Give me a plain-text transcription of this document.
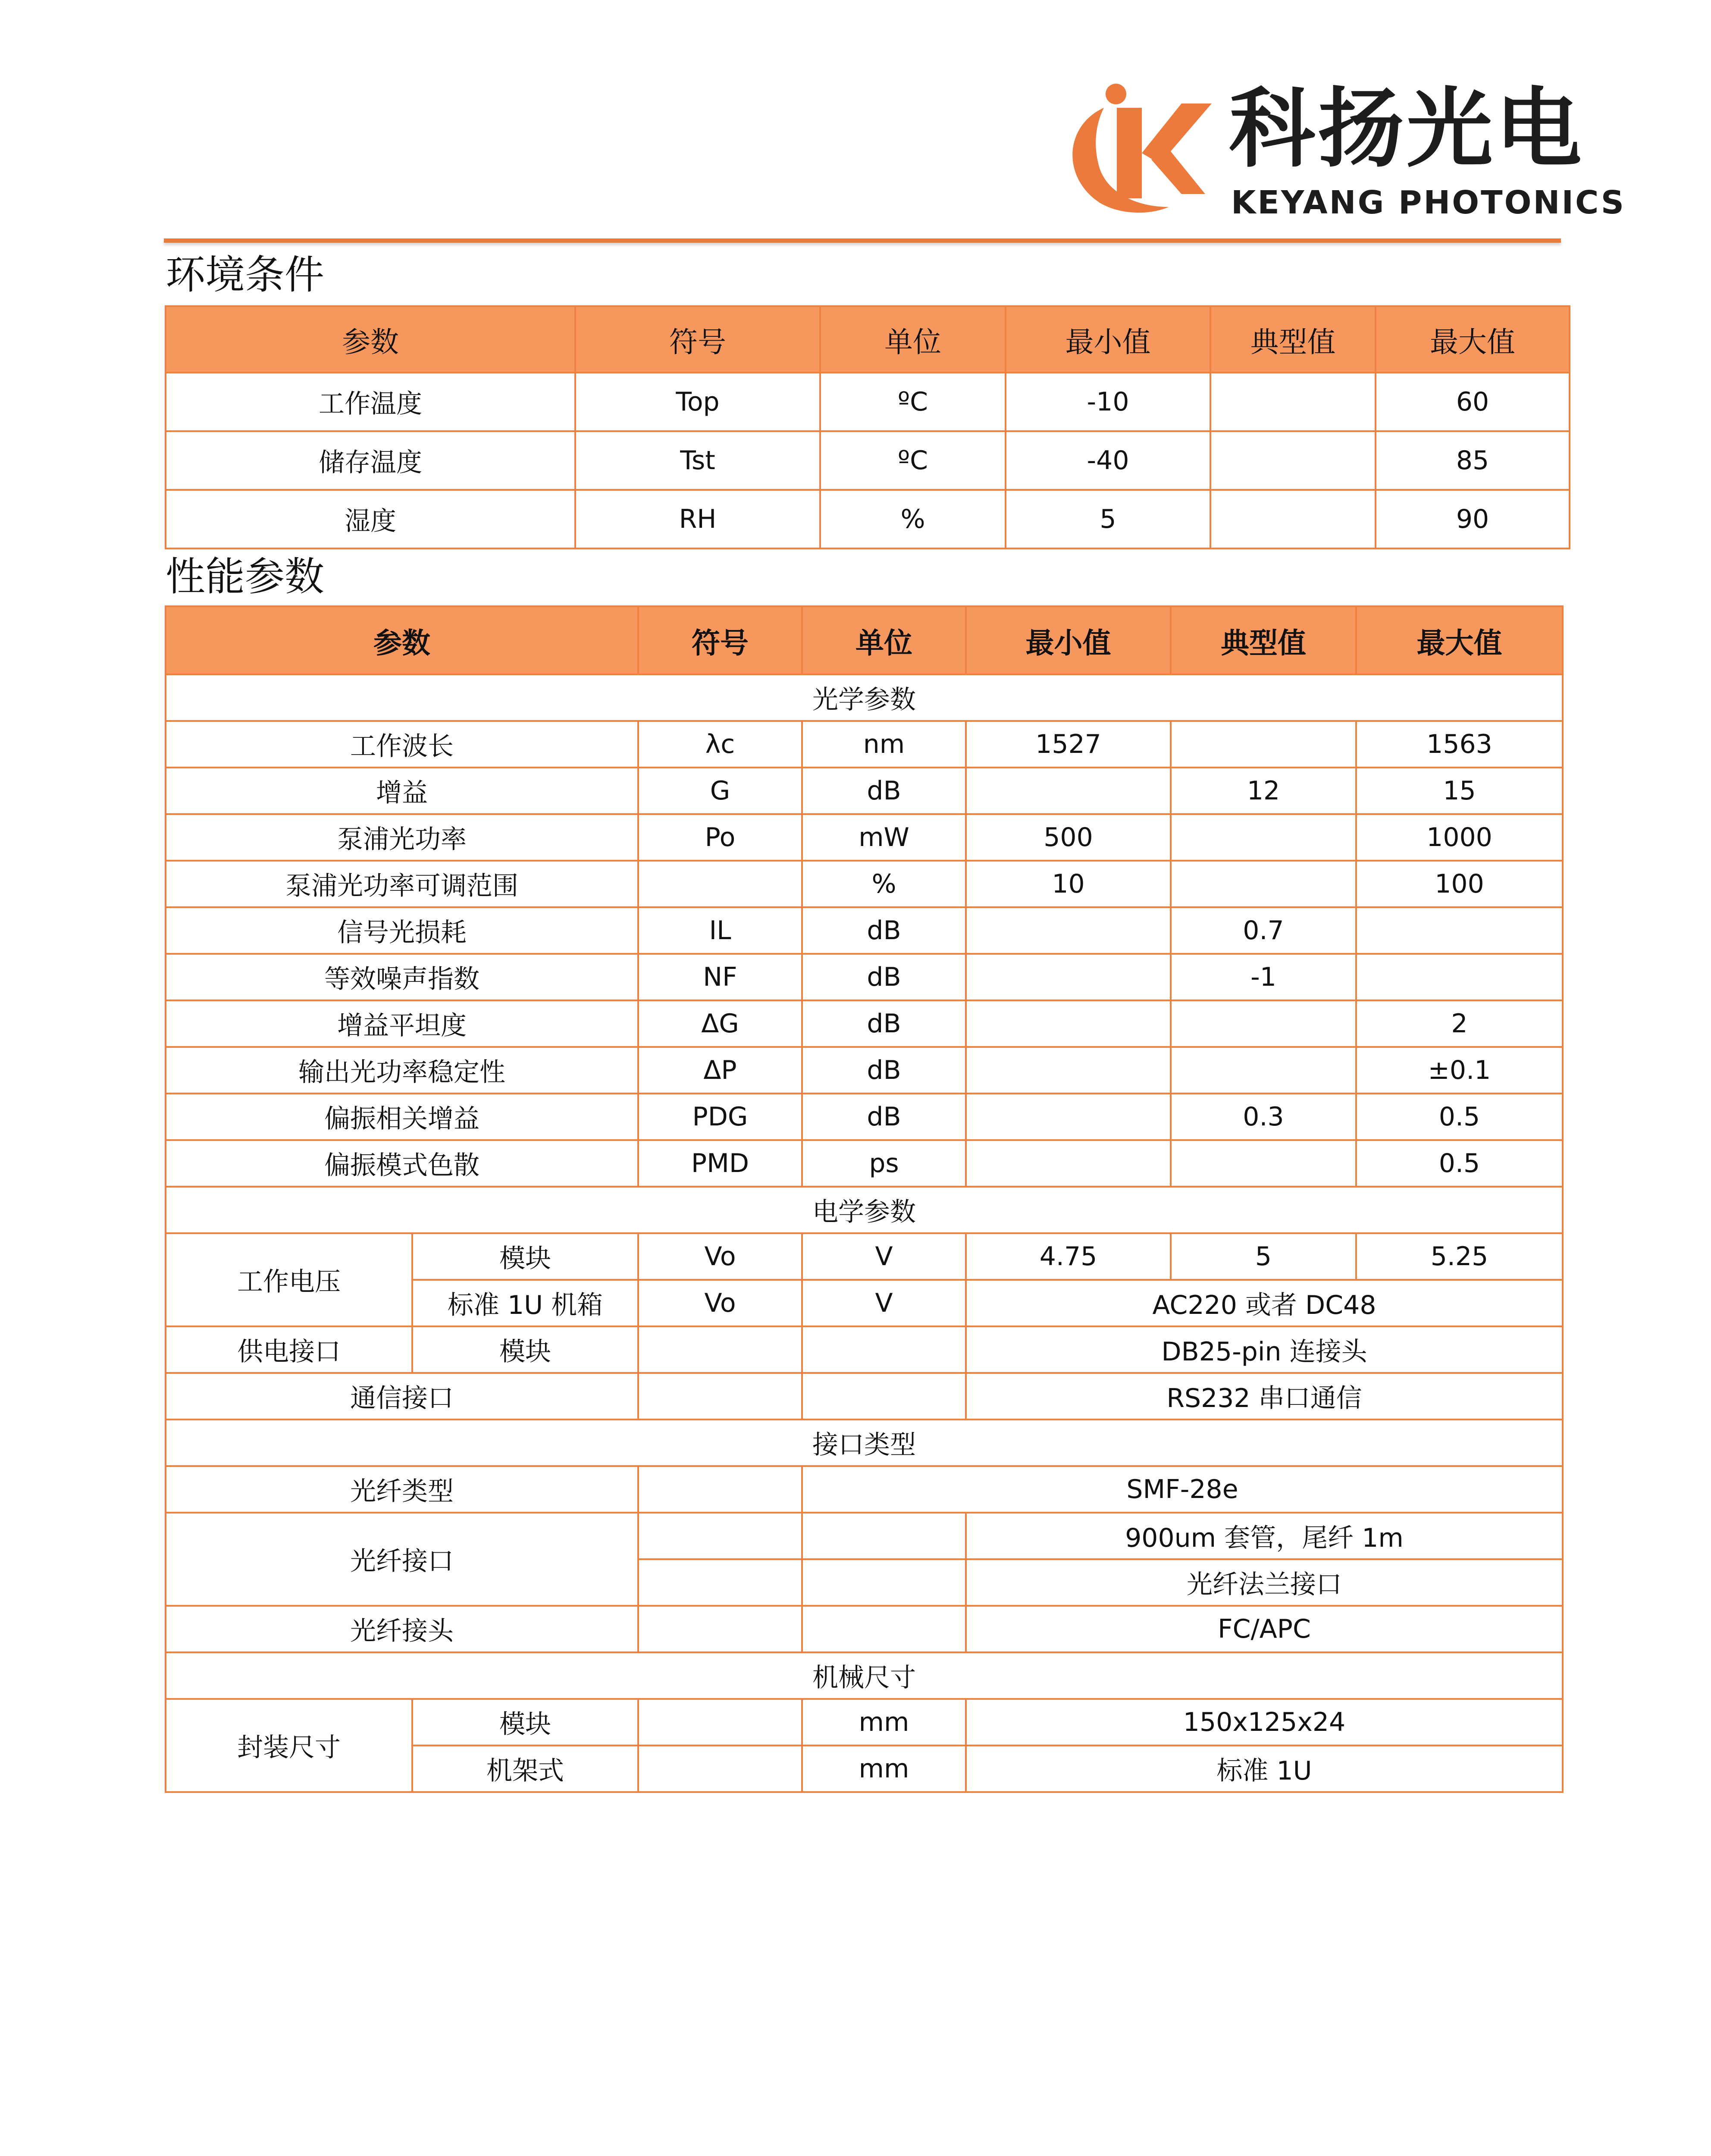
科扬光电
KEYANG PHOTONICS
环境条件
参数	符号	单位	最小值	典型值	最大值
工作温度	Top	ºC	-10		60
储存温度	Tst	ºC	-40		85
湿度	RH	%	5		90
性能参数
参数		符号	单位	最小值	典型值	最大值
光学参数						
工作波长		λc	nm	1527		1563
增益		G	dB		12	15
泵浦光功率		Po	mW	500		1000
泵浦光功率可调范围			%	10		100
信号光损耗		IL	dB		0.7	
等效噪声指数		NF	dB		-1	
增益平坦度		ΔG	dB			2
输出光功率稳定性		ΔP	dB			±0.1
偏振相关增益		PDG	dB		0.3	0.5
偏振模式色散		PMD	ps			0.5
电学参数						
工作电压	模块	Vo	V	4.75	5	5.25
	标准 1U 机箱	Vo	V	AC220 或者 DC48		
供电接口	模块			DB25-pin 连接头		
通信接口				RS232 串口通信		
接口类型						
光纤类型			SMF-28e			
光纤接口				900um 套管，尾纤 1m		
				光纤法兰接口		
光纤接头				FC/APC		
机械尺寸						
封装尺寸	模块		mm	150x125x24		
	机架式		mm	标准 1U		
